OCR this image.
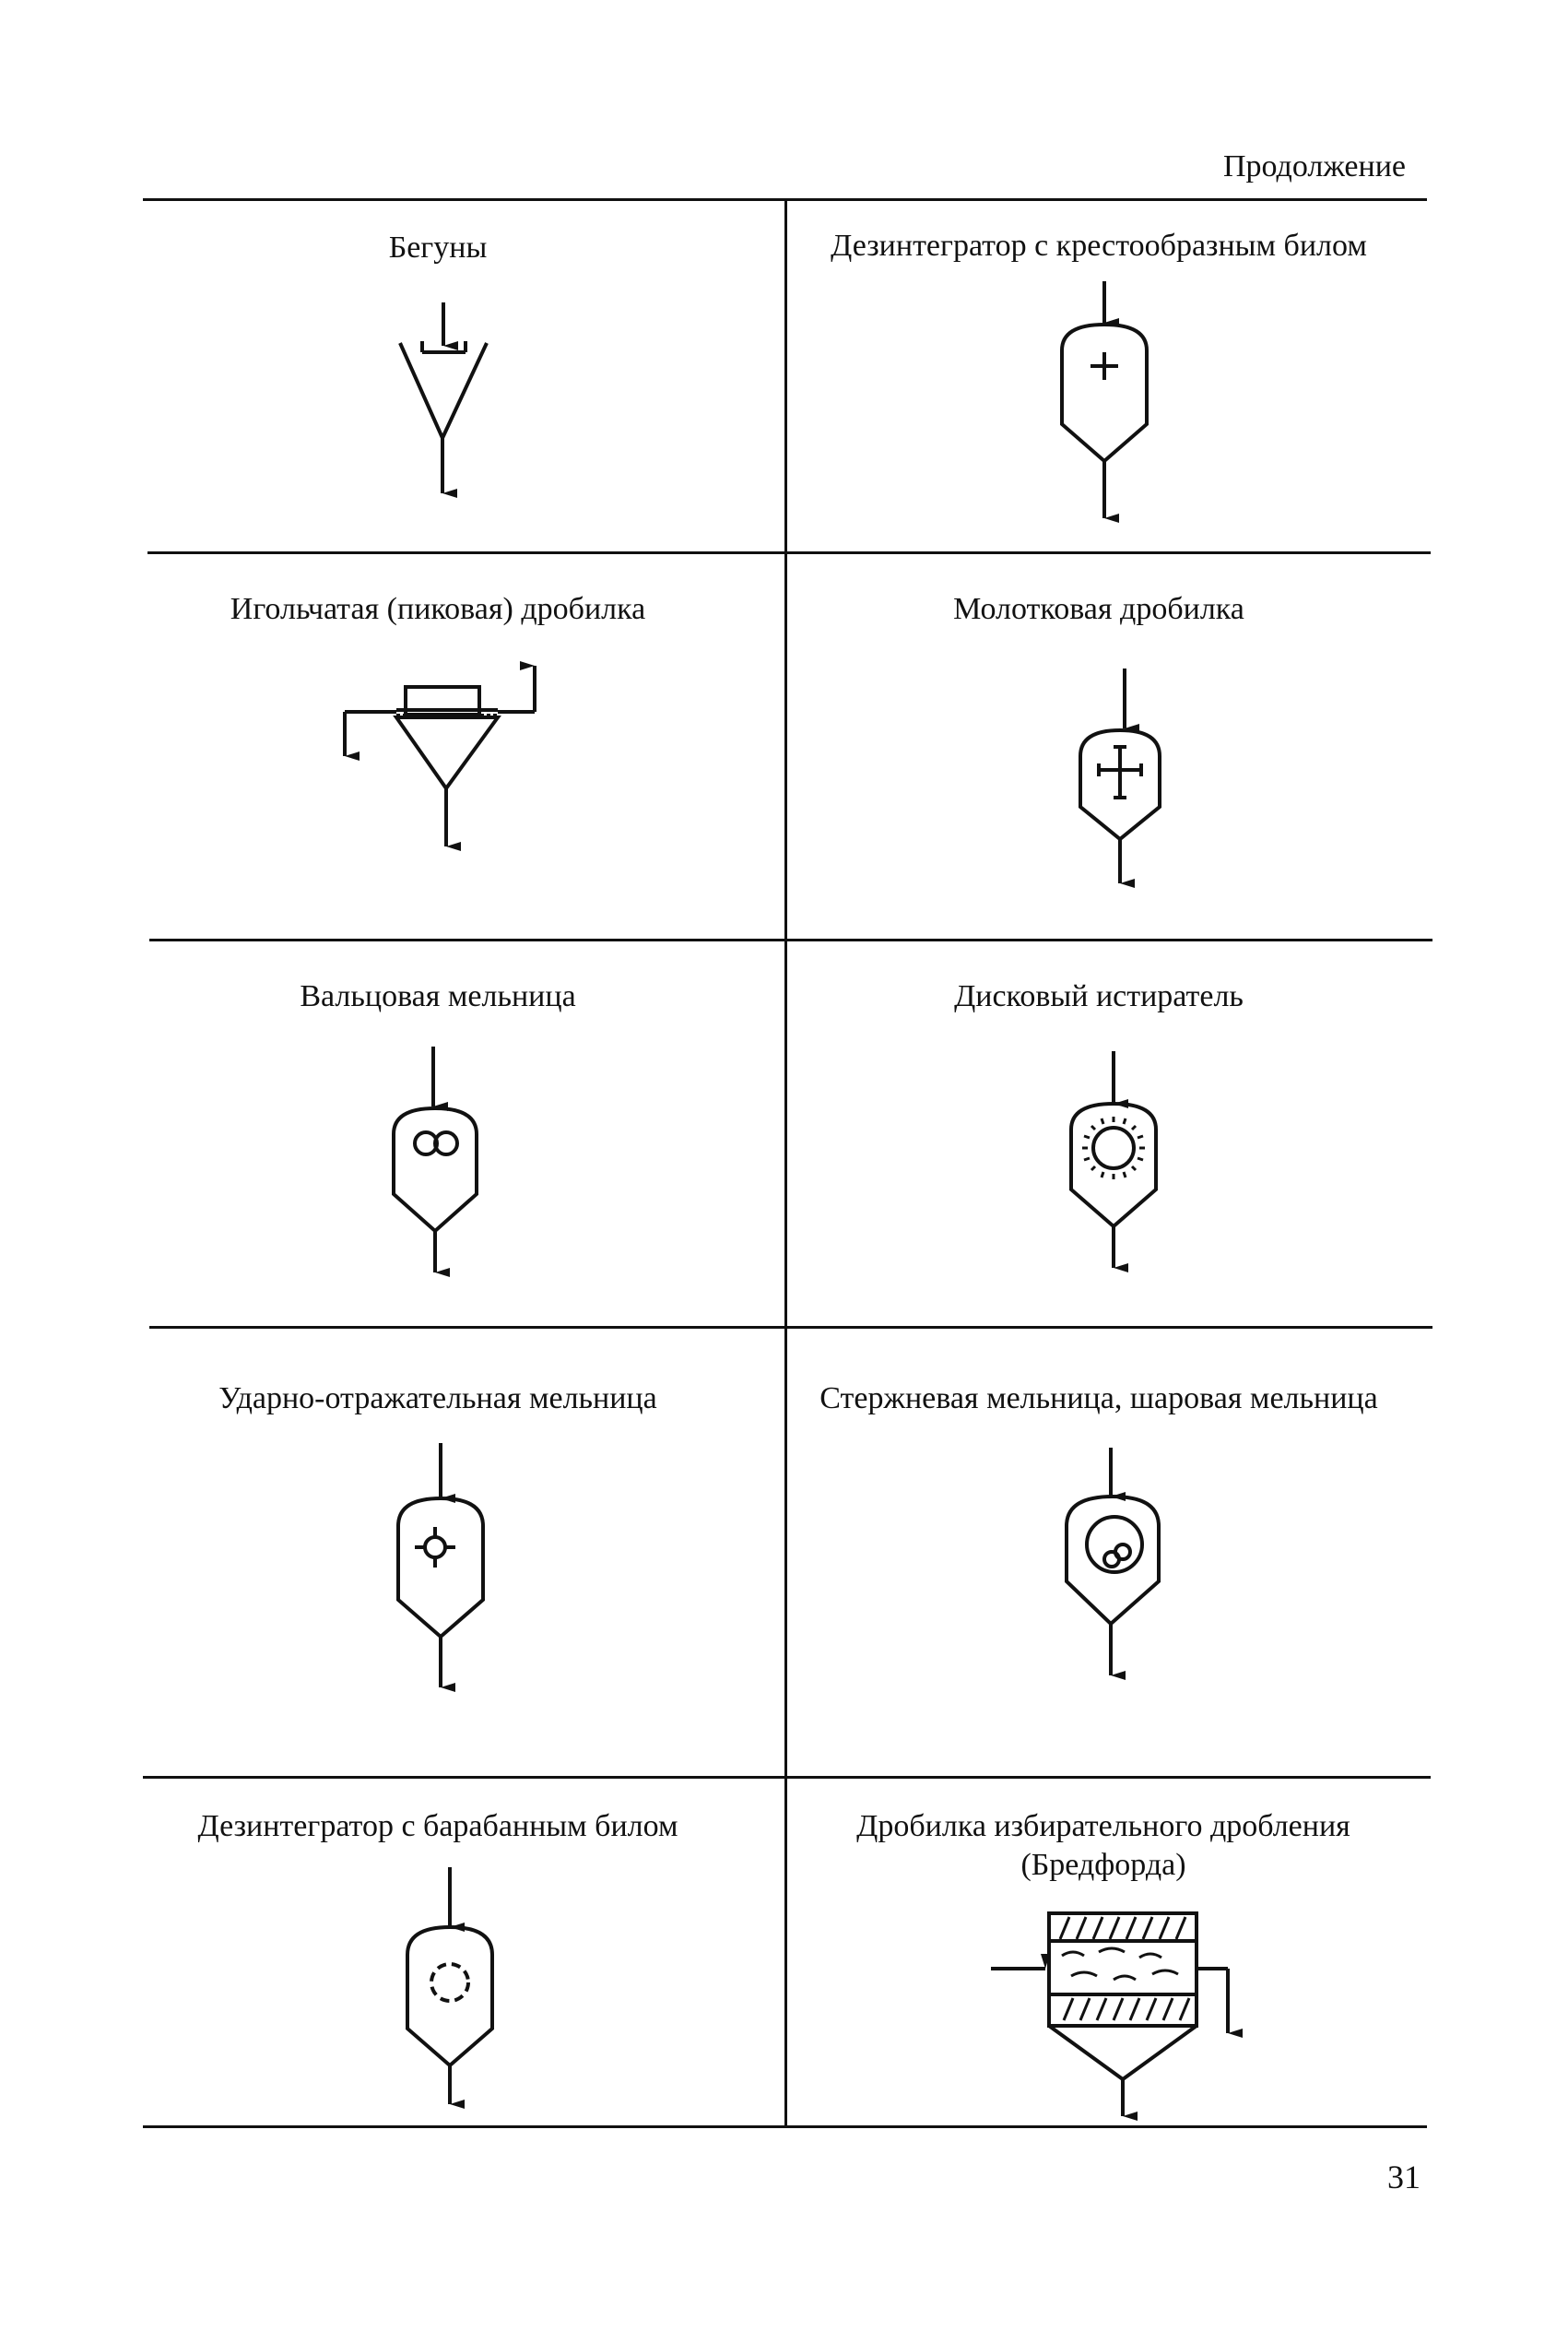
Продолжение
Бегуны	Дезинтегратор с крестообразным билом
Игольчатая (пиковая) дробилка	Молотковая дробилка
Вальцовая мельница	Дисковый истиратель
Ударно-отражательная мельница	Стержневая мельница, шаровая мельница
Дезинтегратор с барабанным билом	Дробилка избирательного дробления (Бредфорда)
31
